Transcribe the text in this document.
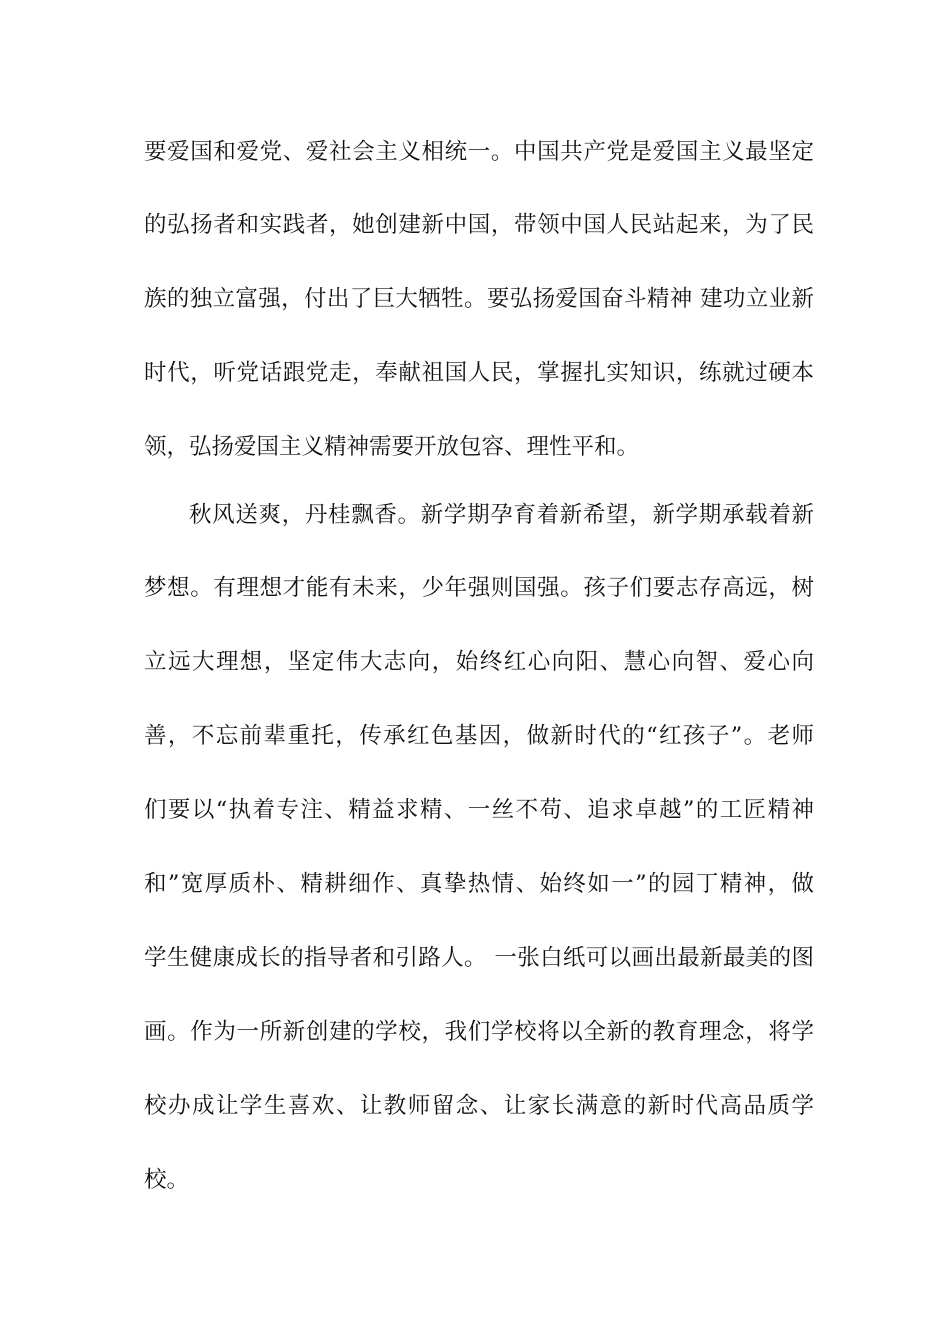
要爱国和爱党、爱社会主义相统一。中国共产党是爱国主义最坚定
的弘扬者和实践者，她创建新中国，带领中国人民站起来，为了民
族的独立富强，付出了巨大牺牲。要弘扬爱国奋斗精神 建功立业新
时代，听党话跟党走，奉献祖国人民，掌握扎实知识，练就过硬本
领，弘扬爱国主义精神需要开放包容、理性平和。
秋风送爽，丹桂飘香。新学期孕育着新希望，新学期承载着新
梦想。有理想才能有未来，少年强则国强。孩子们要志存高远，树
立远大理想，坚定伟大志向，始终红心向阳、慧心向智、爱心向
善，不忘前辈重托，传承红色基因，做新时代的“红孩子”。老师
们要以“执着专注、精益求精、一丝不苟、追求卓越”的工匠精神
和”宽厚质朴、精耕细作、真挚热情、始终如一”的园丁精神，做
学生健康成长的指导者和引路人。 一张白纸可以画出最新最美的图
画。作为一所新创建的学校，我们学校将以全新的教育理念，将学
校办成让学生喜欢、让教师留念、让家长满意的新时代高品质学
校。
